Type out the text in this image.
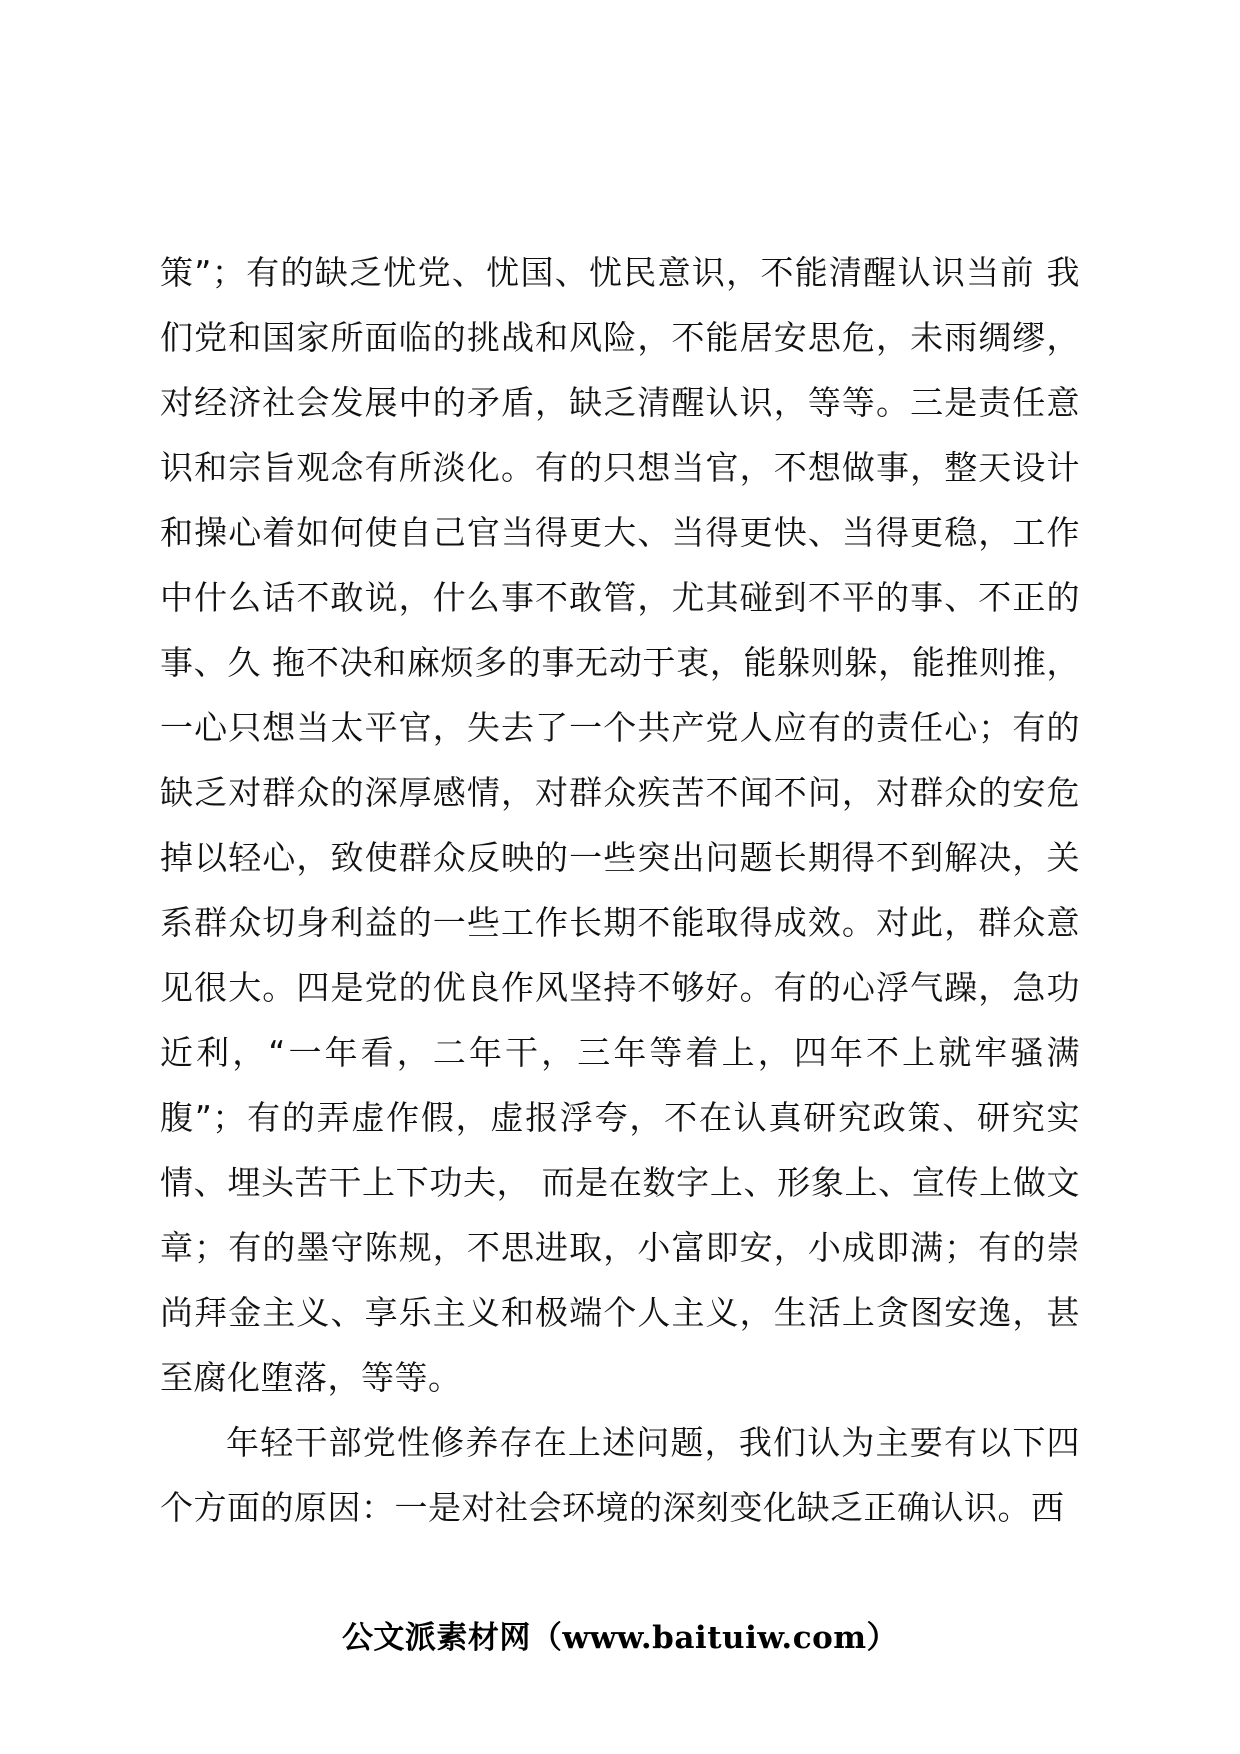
策”；有的缺乏忧党、忧国、忧民意识，不能清醒认识当前 我
们党和国家所面临的挑战和风险，不能居安思危，未雨绸缪，
对经济社会发展中的矛盾，缺乏清醒认识，等等。三是责任意
识和宗旨观念有所淡化。有的只想当官，不想做事，整天设计
和操心着如何使自己官当得更大、当得更快、当得更稳，工作
中什么话不敢说，什么事不敢管，尤其碰到不平的事、不正的
事、久 拖不决和麻烦多的事无动于衷，能躲则躲，能推则推，
一心只想当太平官，失去了一个共产党人应有的责任心；有的
缺乏对群众的深厚感情，对群众疾苦不闻不问，对群众的安危
掉以轻心，致使群众反映的一些突出问题长期得不到解决，关
系群众切身利益的一些工作长期不能取得成效。对此，群众意
见很大。四是党的优良作风坚持不够好。有的心浮气躁，急功
近利，“一年看，二年干，三年等着上，四年不上就牢骚满
腹”；有的弄虚作假，虚报浮夸，不在认真研究政策、研究实
情、埋头苦干上下功夫， 而是在数字上、形象上、宣传上做文
章；有的墨守陈规，不思进取，小富即安，小成即满；有的崇
尚拜金主义、享乐主义和极端个人主义，生活上贪图安逸，甚
至腐化堕落，等等。
年轻干部党性修养存在上述问题，我们认为主要有以下四
个方面的原因：一是对社会环境的深刻变化缺乏正确认识。西
公文派素材网（www.baituiw.com）
